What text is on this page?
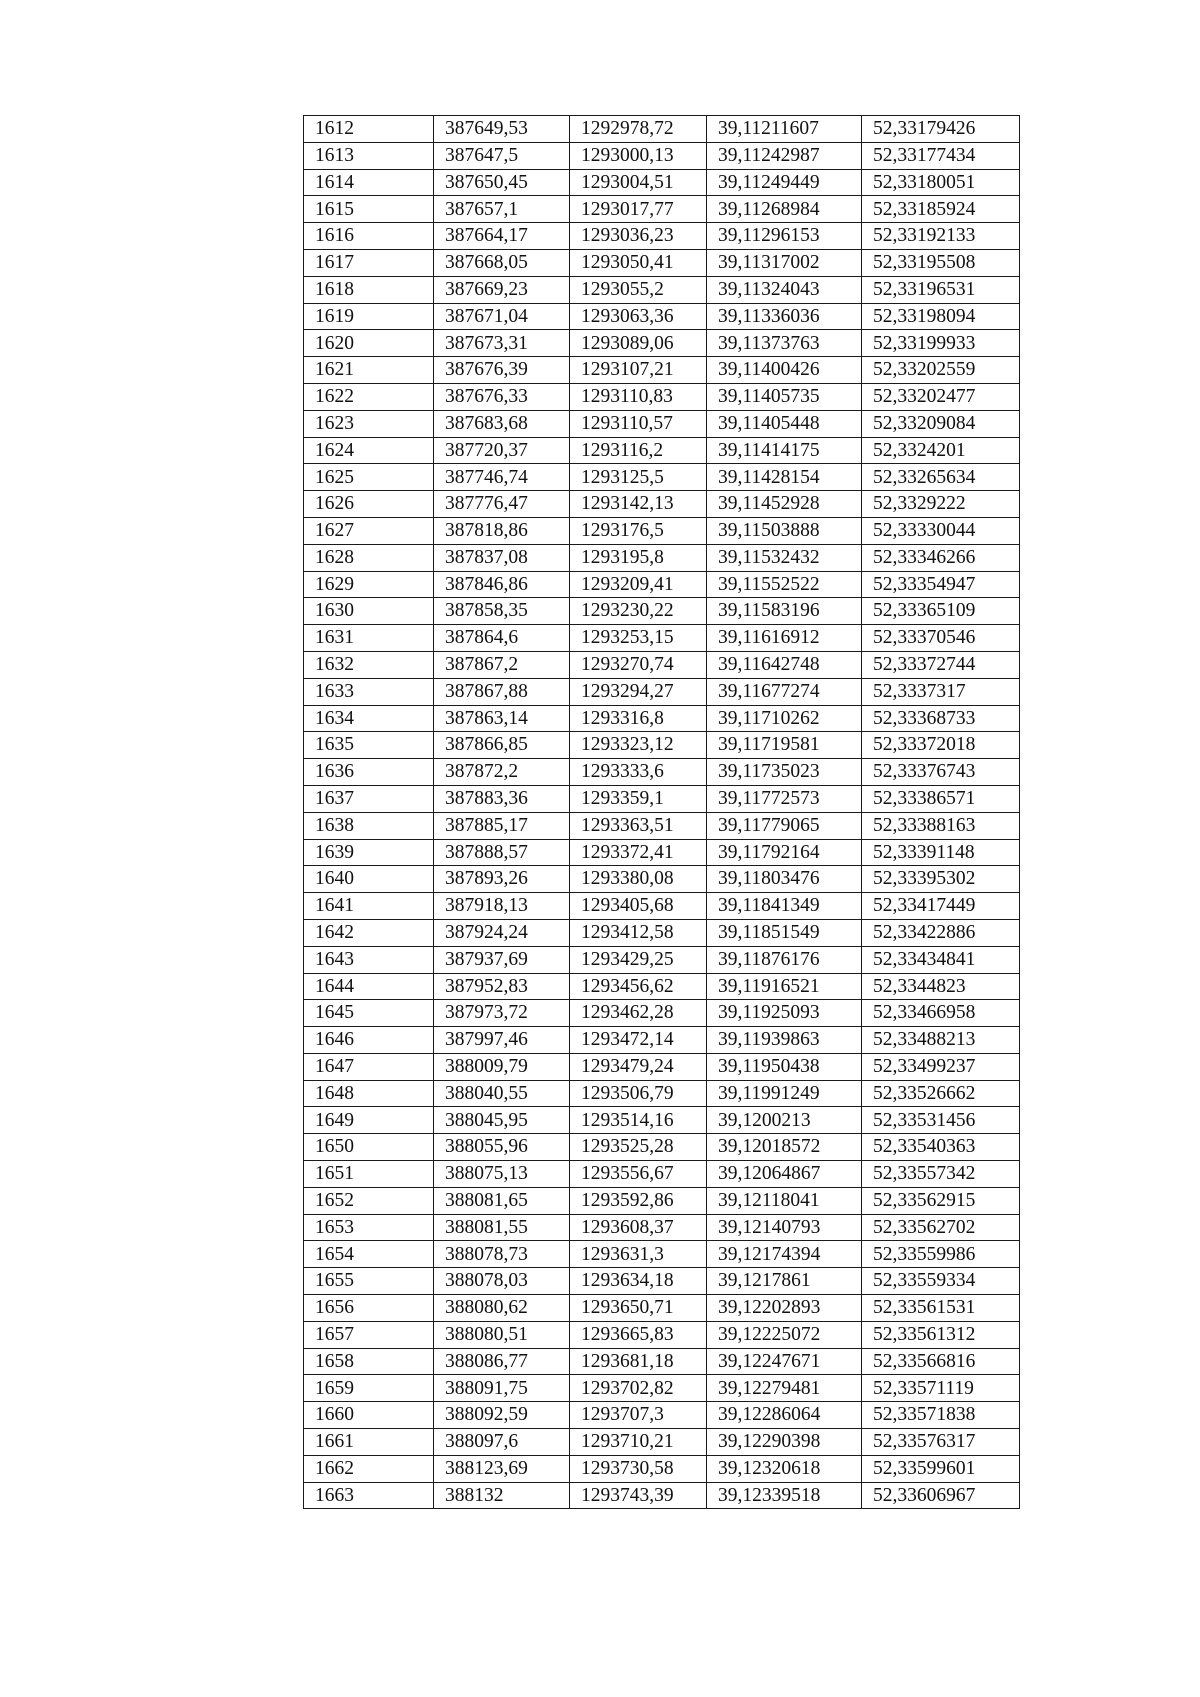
1612	387649,53	1292978,72	39,11211607	52,33179426
1613	387647,5	1293000,13	39,11242987	52,33177434
1614	387650,45	1293004,51	39,11249449	52,33180051
1615	387657,1	1293017,77	39,11268984	52,33185924
1616	387664,17	1293036,23	39,11296153	52,33192133
1617	387668,05	1293050,41	39,11317002	52,33195508
1618	387669,23	1293055,2	39,11324043	52,33196531
1619	387671,04	1293063,36	39,11336036	52,33198094
1620	387673,31	1293089,06	39,11373763	52,33199933
1621	387676,39	1293107,21	39,11400426	52,33202559
1622	387676,33	1293110,83	39,11405735	52,33202477
1623	387683,68	1293110,57	39,11405448	52,33209084
1624	387720,37	1293116,2	39,11414175	52,3324201
1625	387746,74	1293125,5	39,11428154	52,33265634
1626	387776,47	1293142,13	39,11452928	52,3329222
1627	387818,86	1293176,5	39,11503888	52,33330044
1628	387837,08	1293195,8	39,11532432	52,33346266
1629	387846,86	1293209,41	39,11552522	52,33354947
1630	387858,35	1293230,22	39,11583196	52,33365109
1631	387864,6	1293253,15	39,11616912	52,33370546
1632	387867,2	1293270,74	39,11642748	52,33372744
1633	387867,88	1293294,27	39,11677274	52,3337317
1634	387863,14	1293316,8	39,11710262	52,33368733
1635	387866,85	1293323,12	39,11719581	52,33372018
1636	387872,2	1293333,6	39,11735023	52,33376743
1637	387883,36	1293359,1	39,11772573	52,33386571
1638	387885,17	1293363,51	39,11779065	52,33388163
1639	387888,57	1293372,41	39,11792164	52,33391148
1640	387893,26	1293380,08	39,11803476	52,33395302
1641	387918,13	1293405,68	39,11841349	52,33417449
1642	387924,24	1293412,58	39,11851549	52,33422886
1643	387937,69	1293429,25	39,11876176	52,33434841
1644	387952,83	1293456,62	39,11916521	52,3344823
1645	387973,72	1293462,28	39,11925093	52,33466958
1646	387997,46	1293472,14	39,11939863	52,33488213
1647	388009,79	1293479,24	39,11950438	52,33499237
1648	388040,55	1293506,79	39,11991249	52,33526662
1649	388045,95	1293514,16	39,1200213	52,33531456
1650	388055,96	1293525,28	39,12018572	52,33540363
1651	388075,13	1293556,67	39,12064867	52,33557342
1652	388081,65	1293592,86	39,12118041	52,33562915
1653	388081,55	1293608,37	39,12140793	52,33562702
1654	388078,73	1293631,3	39,12174394	52,33559986
1655	388078,03	1293634,18	39,1217861	52,33559334
1656	388080,62	1293650,71	39,12202893	52,33561531
1657	388080,51	1293665,83	39,12225072	52,33561312
1658	388086,77	1293681,18	39,12247671	52,33566816
1659	388091,75	1293702,82	39,12279481	52,33571119
1660	388092,59	1293707,3	39,12286064	52,33571838
1661	388097,6	1293710,21	39,12290398	52,33576317
1662	388123,69	1293730,58	39,12320618	52,33599601
1663	388132	1293743,39	39,12339518	52,33606967
